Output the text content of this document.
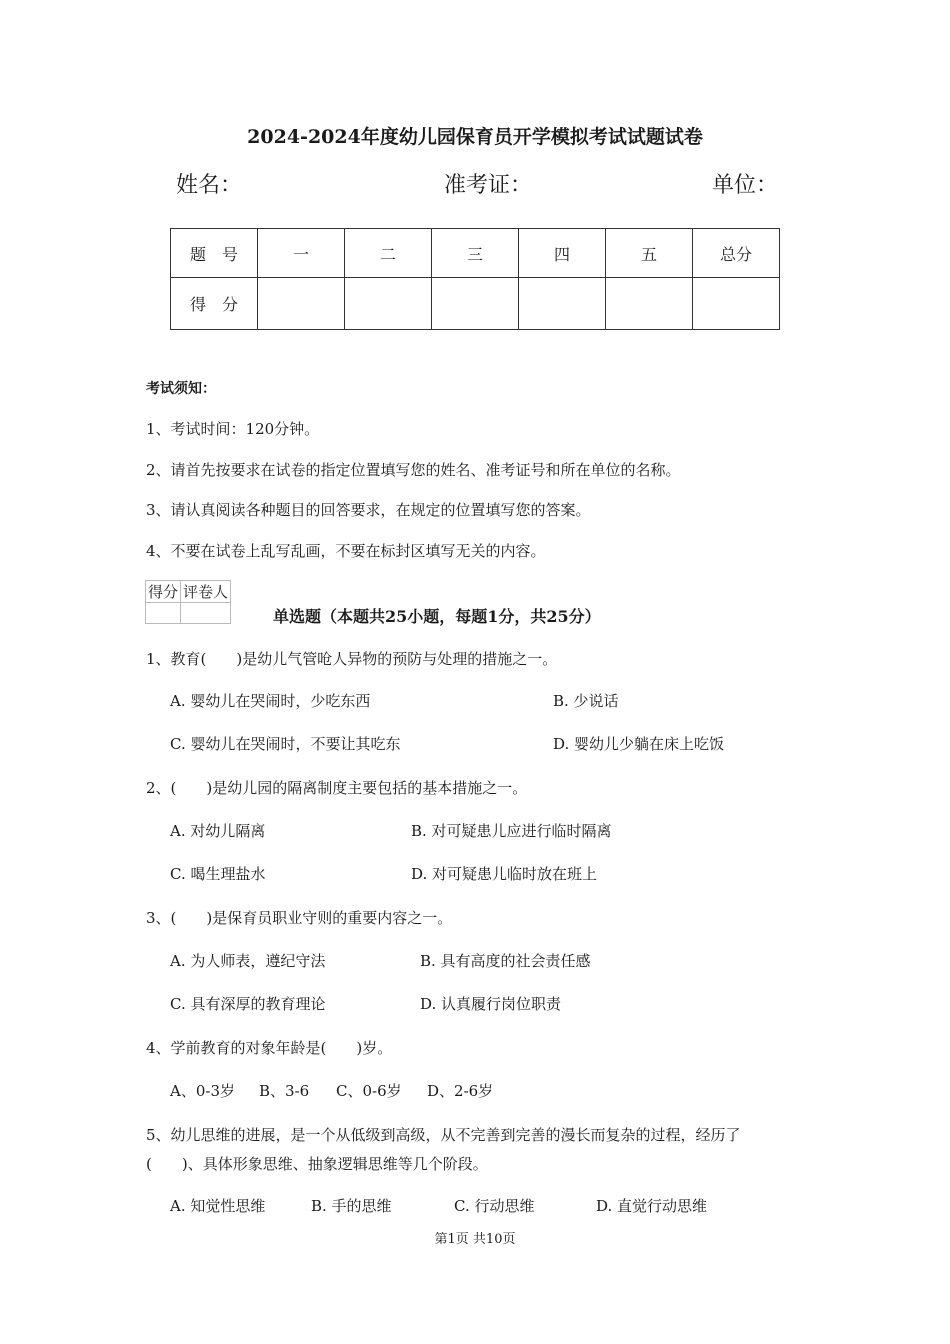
2024-2024年度幼儿园保育员开学模拟考试试题试卷
姓名：	准考证：	单位：
题　号	一	二	三	四	五	总分
得　分						
考试须知：
1、考试时间：120分钟。
2、请首先按要求在试卷的指定位置填写您的姓名、准考证号和所在单位的名称。
3、请认真阅读各种题目的回答要求，在规定的位置填写您的答案。
4、不要在试卷上乱写乱画，不要在标封区填写无关的内容。
得分	评卷人

单选题（本题共25小题，每题1分，共25分）
1、教育(　　)是幼儿气管呛人异物的预防与处理的措施之一。
A. 婴幼儿在哭闹时，少吃东西	B. 少说话
C. 婴幼儿在哭闹时，不要让其吃东	D. 婴幼儿少躺在床上吃饭
2、(　　)是幼儿园的隔离制度主要包括的基本措施之一。
A. 对幼儿隔离	B. 对可疑患儿应进行临时隔离
C. 喝生理盐水	D. 对可疑患儿临时放在班上
3、(　　)是保育员职业守则的重要内容之一。
A. 为人师表，遵纪守法	B. 具有高度的社会责任感
C. 具有深厚的教育理论	D. 认真履行岗位职责
4、学前教育的对象年龄是(　　)岁。
A、0-3岁 B、3-6 C、0-6岁 D、2-6岁
5、幼儿思维的进展，是一个从低级到高级，从不完善到完善的漫长而复杂的过程，经历了
(　　)、具体形象思维、抽象逻辑思维等几个阶段。
A. 知觉性思维	B. 手的思维	C. 行动思维	D. 直觉行动思维
第1页 共10页
